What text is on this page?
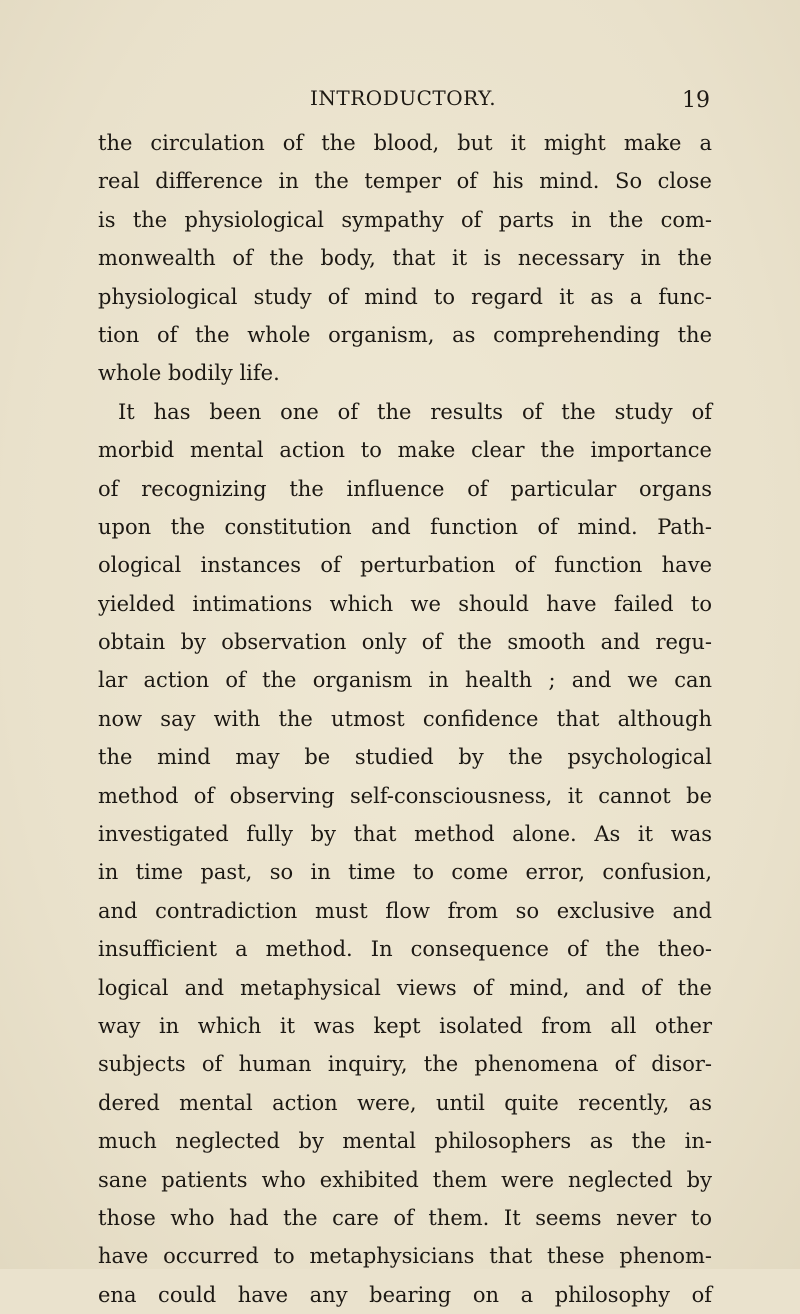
INTRODUCTORY.	19
the circulation of the blood, but it might make a
real difference in the temper of his mind. So close
is the physiological sympathy of parts in the com-
monwealth of the body, that it is necessary in the
physiological study of mind to regard it as a func-
tion of the whole organism, as comprehending the
whole bodily life.
It has been one of the results of the study of
morbid mental action to make clear the importance
of recognizing the influence of particular organs
upon the constitution and function of mind. Path-
ological instances of perturbation of function have
yielded intimations which we should have failed to
obtain by observation only of the smooth and regu-
lar action of the organism in health ; and we can
now say with the utmost confidence that although
the mind may be studied by the psychological
method of observing self-consciousness, it cannot be
investigated fully by that method alone. As it was
in time past, so in time to come error, confusion,
and contradiction must flow from so exclusive and
insufficient a method. In consequence of the theo-
logical and metaphysical views of mind, and of the
way in which it was kept isolated from all other
subjects of human inquiry, the phenomena of disor-
dered mental action were, until quite recently, as
much neglected by mental philosophers as the in-
sane patients who exhibited them were neglected by
those who had the care of them. It seems never to
have occurred to metaphysicians that these phenom-
ena could have any bearing on a philosophy of
